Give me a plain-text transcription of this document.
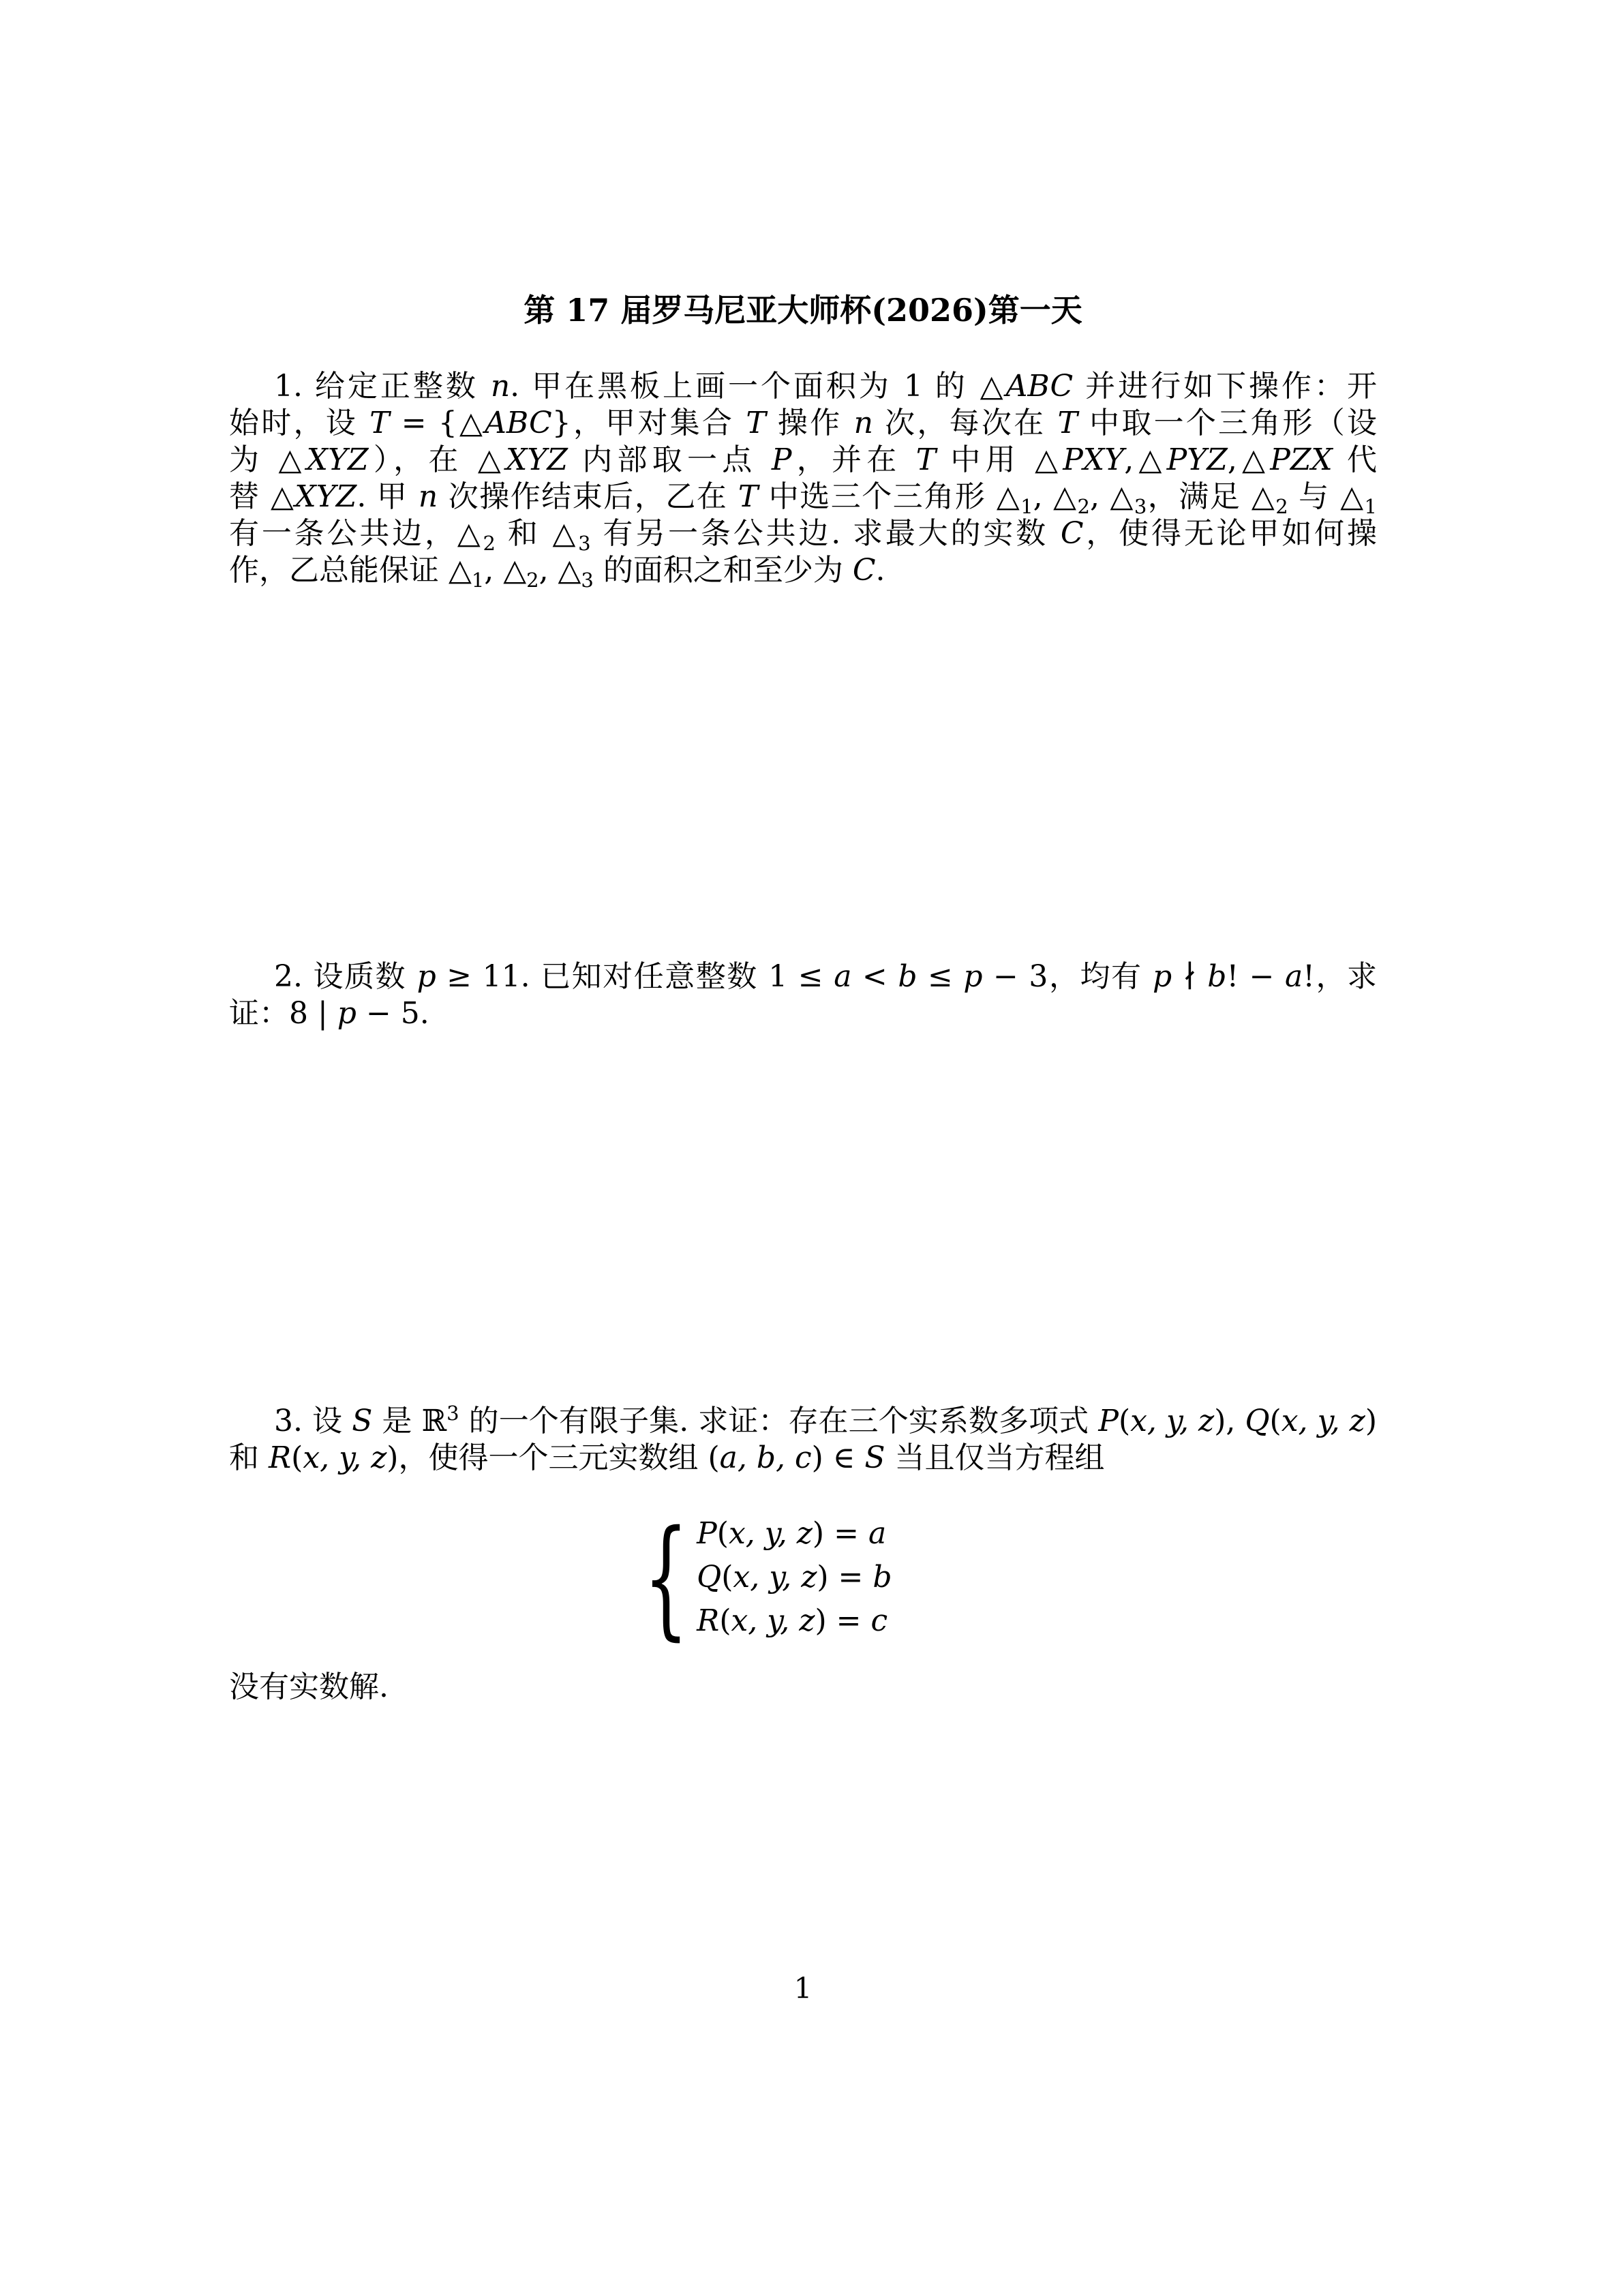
第 17 届罗马尼亚大师杯(2026)第一天
1. 给定正整数 n. 甲在黑板上画一个面积为 1 的 △ABC 并进行如下操作：开
始时，设 T = {△ABC}，甲对集合 T 操作 n 次，每次在 T 中取一个三角形（设
为 △XYZ），在 △XYZ 内部取一点 P，并在 T 中用 △PXY,△PYZ,△PZX 代
替 △XYZ. 甲 n 次操作结束后，乙在 T 中选三个三角形 $\triangle_1$, $\triangle_2$, $\triangle_3$，满足 $\triangle_2$ 与 $\triangle_1$
有一条公共边，$\triangle_2$ 和 $\triangle_3$ 有另一条公共边. 求最大的实数 C，使得无论甲如何操
作，乙总能保证 $\triangle_1$, $\triangle_2$, $\triangle_3$ 的面积之和至少为 C.
2. 设质数 p ≥ 11. 已知对任意整数 1 ≤ a < b ≤ p − 3，均有 p ∤ b! − a!，求
证：8 | p − 5.
3. 设 S 是 ℝ$^3$ 的一个有限子集. 求证：存在三个实系数多项式 P(x, y, z), Q(x, y, z)
和 R(x, y, z)，使得一个三元实数组 (a, b, c) ∈ S 当且仅当方程组
{ P(x, y, z) = a
Q(x, y, z) = b
R(x, y, z) = c
没有实数解.
1
